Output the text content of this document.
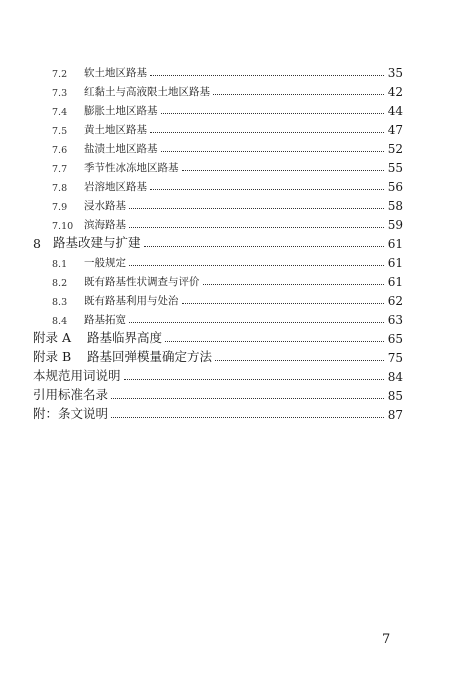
7.2	软土地区路基	35
7.3	红黏土与高液限土地区路基	42
7.4	膨胀土地区路基	44
7.5	黄土地区路基	47
7.6	盐渍土地区路基	52
7.7	季节性冰冻地区路基	55
7.8	岩溶地区路基	56
7.9	浸水路基	58
7.10	滨海路基	59
8 路基改建与扩建	61
8.1	一般规定	61
8.2	既有路基性状调查与评价	61
8.3	既有路基利用与处治	62
8.4	路基拓宽	63
附录 A	路基临界高度	65
附录 B	路基回弹模量确定方法	75
本规范用词说明	84
引用标准名录	85
附：条文说明	87
7
